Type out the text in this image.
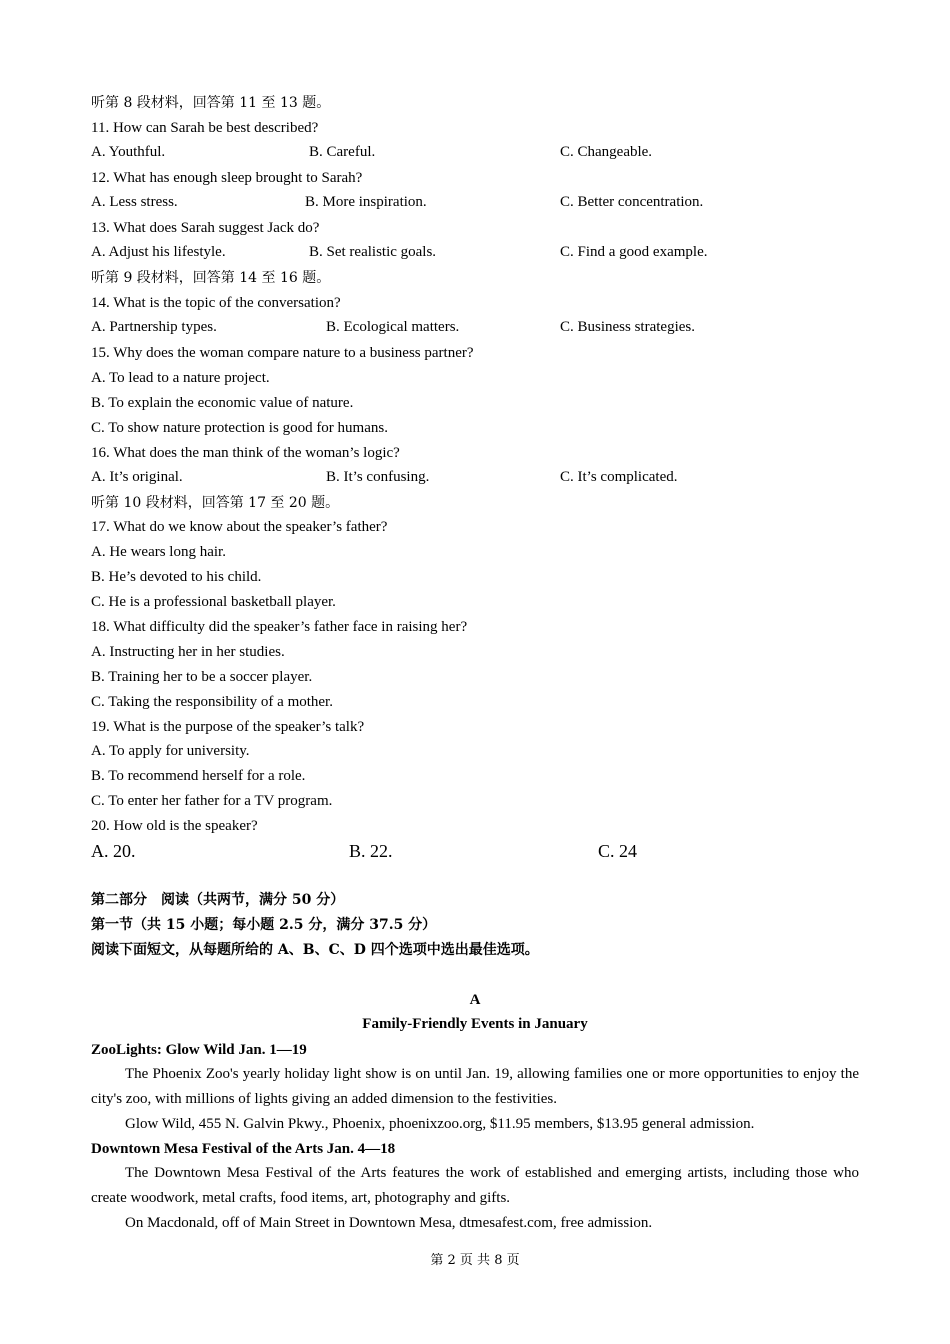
听第 8 段材料，回答第 11 至 13 题。
11. How can Sarah be best described?
A. Youthful.	B. Careful.	C. Changeable.
12. What has enough sleep brought to Sarah?
A. Less stress.	B. More inspiration.	C. Better concentration.
13. What does Sarah suggest Jack do?
A. Adjust his lifestyle.	B. Set realistic goals.	C. Find a good example.
听第 9 段材料，回答第 14 至 16 题。
14. What is the topic of the conversation?
A. Partnership types.	B. Ecological matters.	C. Business strategies.
15. Why does the woman compare nature to a business partner?
A. To lead to a nature project.
B. To explain the economic value of nature.
C. To show nature protection is good for humans.
16. What does the man think of the woman’s logic?
A. It’s original.	B. It’s confusing.	C. It’s complicated.
听第 10 段材料，回答第 17 至 20 题。
17. What do we know about the speaker’s father?
A. He wears long hair.
B. He’s devoted to his child.
C. He is a professional basketball player.
18. What difficulty did the speaker’s father face in raising her?
A. Instructing her in her studies.
B. Training her to be a soccer player.
C. Taking the responsibility of a mother.
19. What is the purpose of the speaker’s talk?
A. To apply for university.
B. To recommend herself for a role.
C. To enter her father for a TV program.
20. How old is the speaker?
A. 20.	B. 22.	C. 24
第二部分　阅读（共两节，满分 50 分）
第一节（共 15 小题；每小题 2.5 分，满分 37.5 分）
阅读下面短文，从每题所给的 A、B、C、D 四个选项中选出最佳选项。
A
Family-Friendly Events in January
ZooLights: Glow Wild Jan. 1—19
The Phoenix Zoo's yearly holiday light show is on until Jan. 19, allowing families one or more opportunities to enjoy the city's zoo, with millions of lights giving an added dimension to the festivities.
Glow Wild, 455 N. Galvin Pkwy., Phoenix, phoenixzoo.org, $11.95 members, $13.95 general admission.
Downtown Mesa Festival of the Arts Jan. 4—18
The Downtown Mesa Festival of the Arts features the work of established and emerging artists, including those who create woodwork, metal crafts, food items, art, photography and gifts.
On Macdonald, off of Main Street in Downtown Mesa, dtmesafest.com, free admission.
第 2 页 共 8 页
